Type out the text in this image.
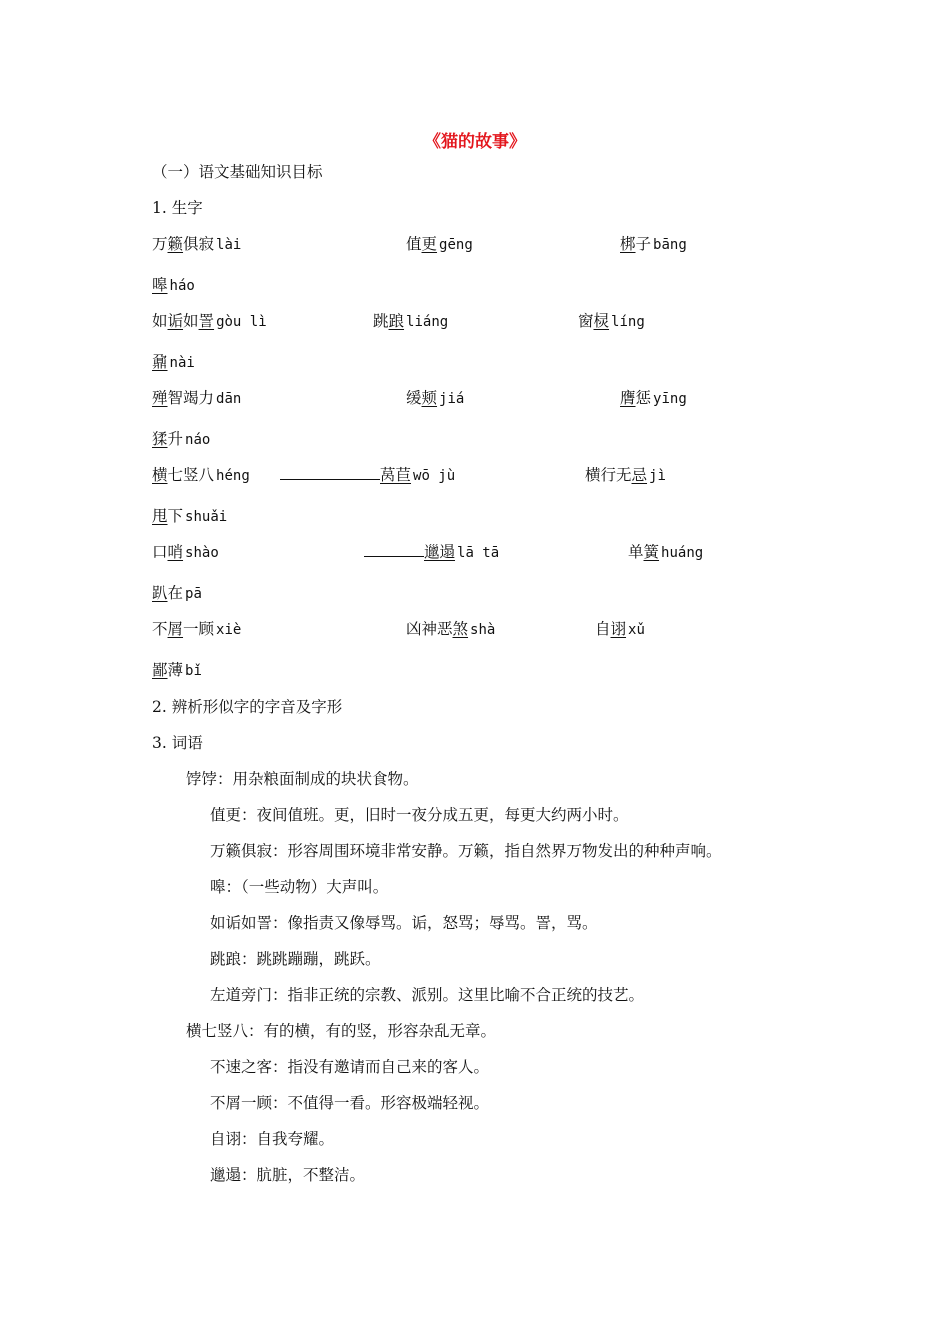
《猫的故事》
（一）语文基础知识目标
1. 生字
万籁俱寂 lài	值更 gēng	梆子 bāng
嗥 háo
如诟如詈 gòu lì	跳踉 liáng	窗棂 líng
鼐 nài
殚智竭力 dān	缓颊 jiá	膺惩 yīng
猱升 náo
横七竖八 héng	莴苣 wō jù	横行无忌 jì
甩下 shuǎi
口哨 shào	邋遢 lā tā	单簧 huáng
趴在 pā
不屑一顾 xiè	凶神恶煞 shà	自诩 xǔ
鄙薄 bǐ
2. 辨析形似字的字音及字形
3. 词语
饽饽：用杂粮面制成的块状食物。
值更：夜间值班。更，旧时一夜分成五更，每更大约两小时。
万籁俱寂：形容周围环境非常安静。万籁，指自然界万物发出的种种声响。
嗥：（一些动物）大声叫。
如诟如詈：像指责又像辱骂。诟，怒骂；辱骂。詈，骂。
跳踉：跳跳蹦蹦，跳跃。
左道旁门：指非正统的宗教、派别。这里比喻不合正统的技艺。
横七竖八：有的横，有的竖，形容杂乱无章。
不速之客：指没有邀请而自己来的客人。
不屑一顾：不值得一看。形容极端轻视。
自诩：自我夸耀。
邋遢：肮脏，不整洁。
